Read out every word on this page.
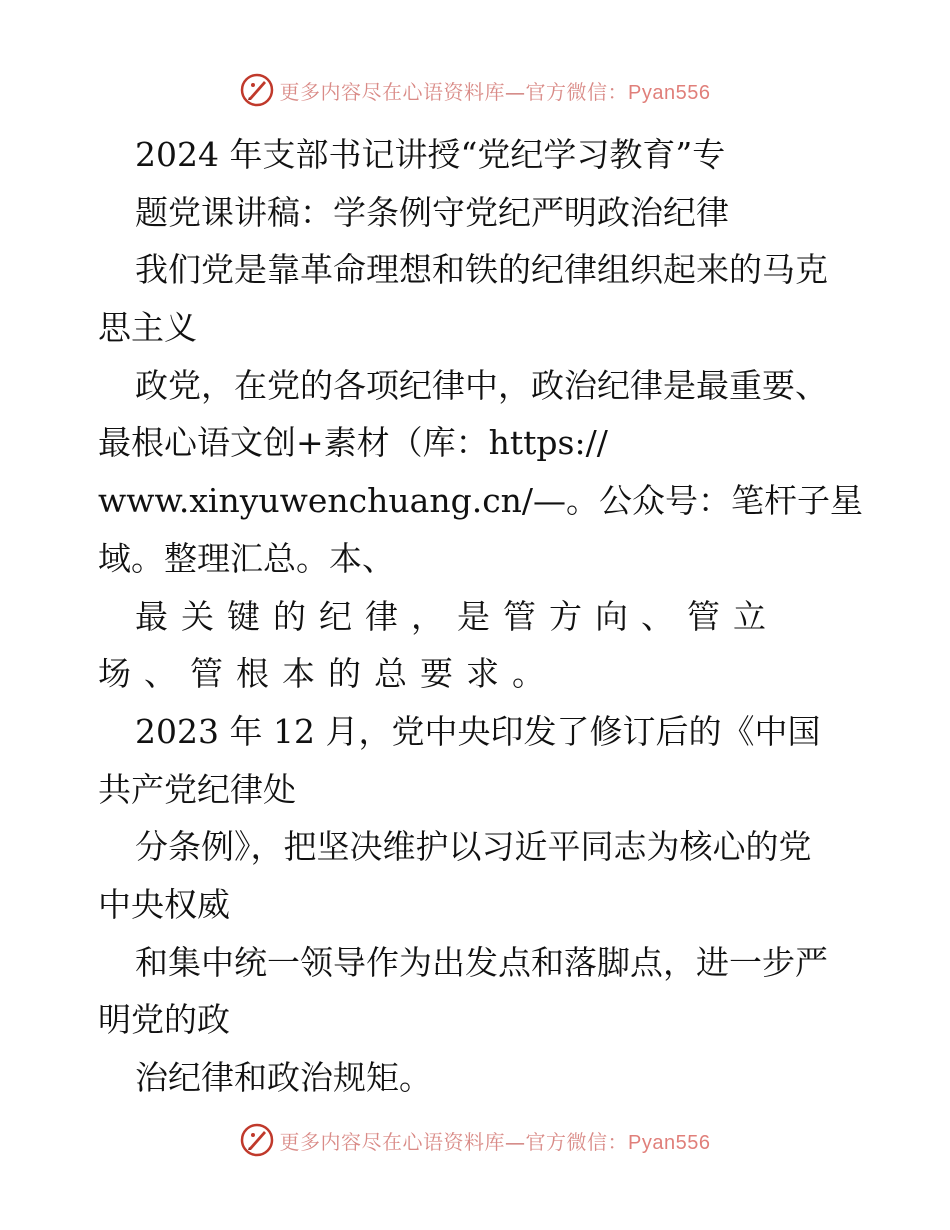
更多内容尽在心语资料库—官方微信：Pyan556
2024 年支部书记讲授“党纪学习教育”专
题党课讲稿：学条例守党纪严明政治纪律
我们党是靠革命理想和铁的纪律组织起来的马克
思主义
政党，在党的各项纪律中，政治纪律是最重要、
最根心语文创+素材（库：https://
www.xinyuwenchuang.cn/—。公众号：笔杆子星
域。整理汇总。本、
最关键的纪律，是管方向、管立
场、管根本的总要求。
2023 年 12 月，党中央印发了修订后的《中国
共产党纪律处
分条例》，把坚决维护以习近平同志为核心的党
中央权威
和集中统一领导作为出发点和落脚点，进一步严
明党的政
治纪律和政治规矩。
更多内容尽在心语资料库—官方微信：Pyan556
